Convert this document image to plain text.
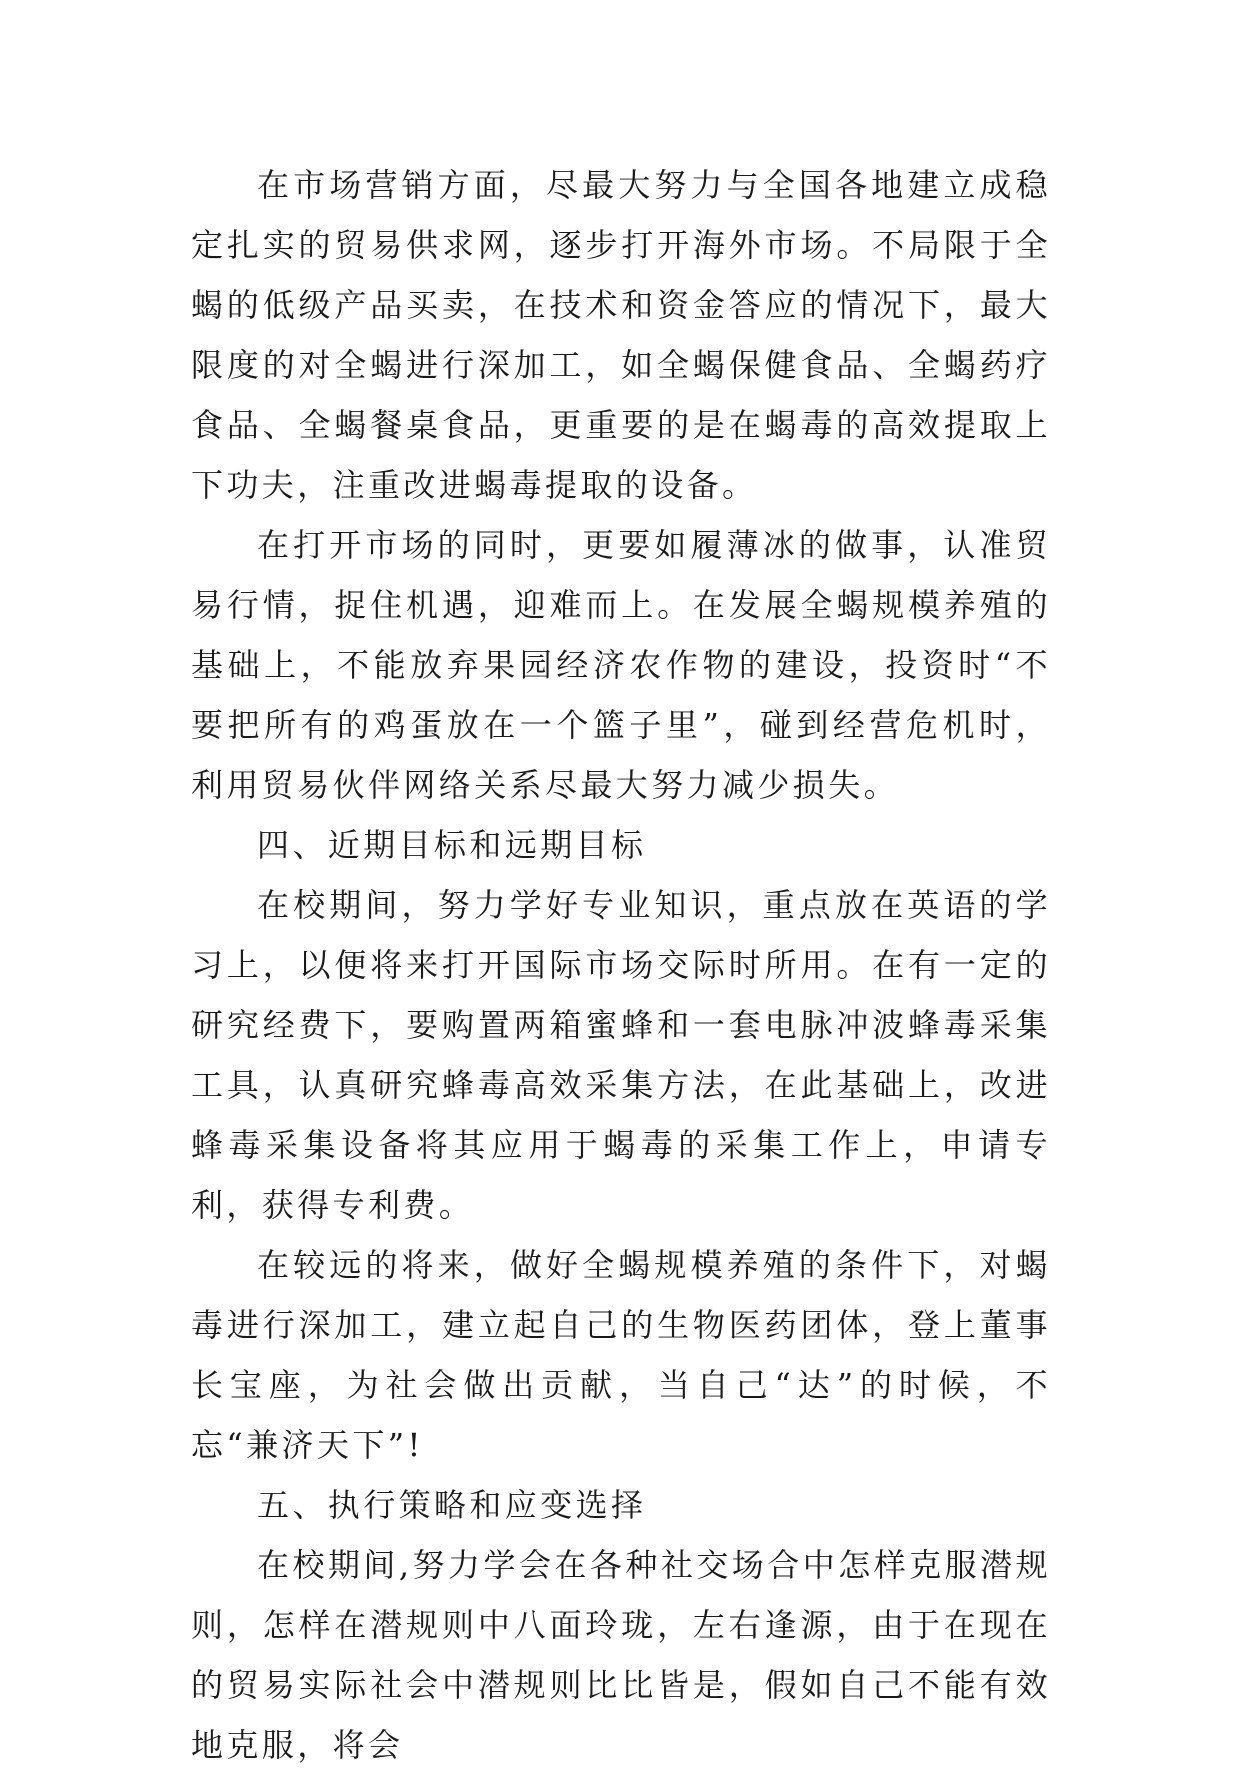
在市场营销方面，尽最大努力与全国各地建立成稳定扎实的贸易供求网，逐步打开海外市场。不局限于全蝎的低级产品买卖，在技术和资金答应的情况下，最大限度的对全蝎进行深加工，如全蝎保健食品、全蝎药疗食品、全蝎餐桌食品，更重要的是在蝎毒的高效提取上下功夫，注重改进蝎毒提取的设备。

在打开市场的同时，更要如履薄冰的做事，认准贸易行情，捉住机遇，迎难而上。在发展全蝎规模养殖的基础上，不能放弃果园经济农作物的建设，投资时“不要把所有的鸡蛋放在一个篮子里”，碰到经营危机时，利用贸易伙伴网络关系尽最大努力减少损失。

四、近期目标和远期目标

在校期间，努力学好专业知识，重点放在英语的学习上，以便将来打开国际市场交际时所用。在有一定的研究经费下，要购置两箱蜜蜂和一套电脉冲波蜂毒采集工具，认真研究蜂毒高效采集方法，在此基础上，改进蜂毒采集设备将其应用于蝎毒的采集工作上，申请专利，获得专利费。

在较远的将来，做好全蝎规模养殖的条件下，对蝎毒进行深加工，建立起自己的生物医药团体，登上董事长宝座，为社会做出贡献，当自己“达”的时候，不忘“兼济天下”!

五、执行策略和应变选择

在校期间,努力学会在各种社交场合中怎样克服潜规则，怎样在潜规则中八面玲珑，左右逢源，由于在现在的贸易实际社会中潜规则比比皆是，假如自己不能有效地克服，将会
